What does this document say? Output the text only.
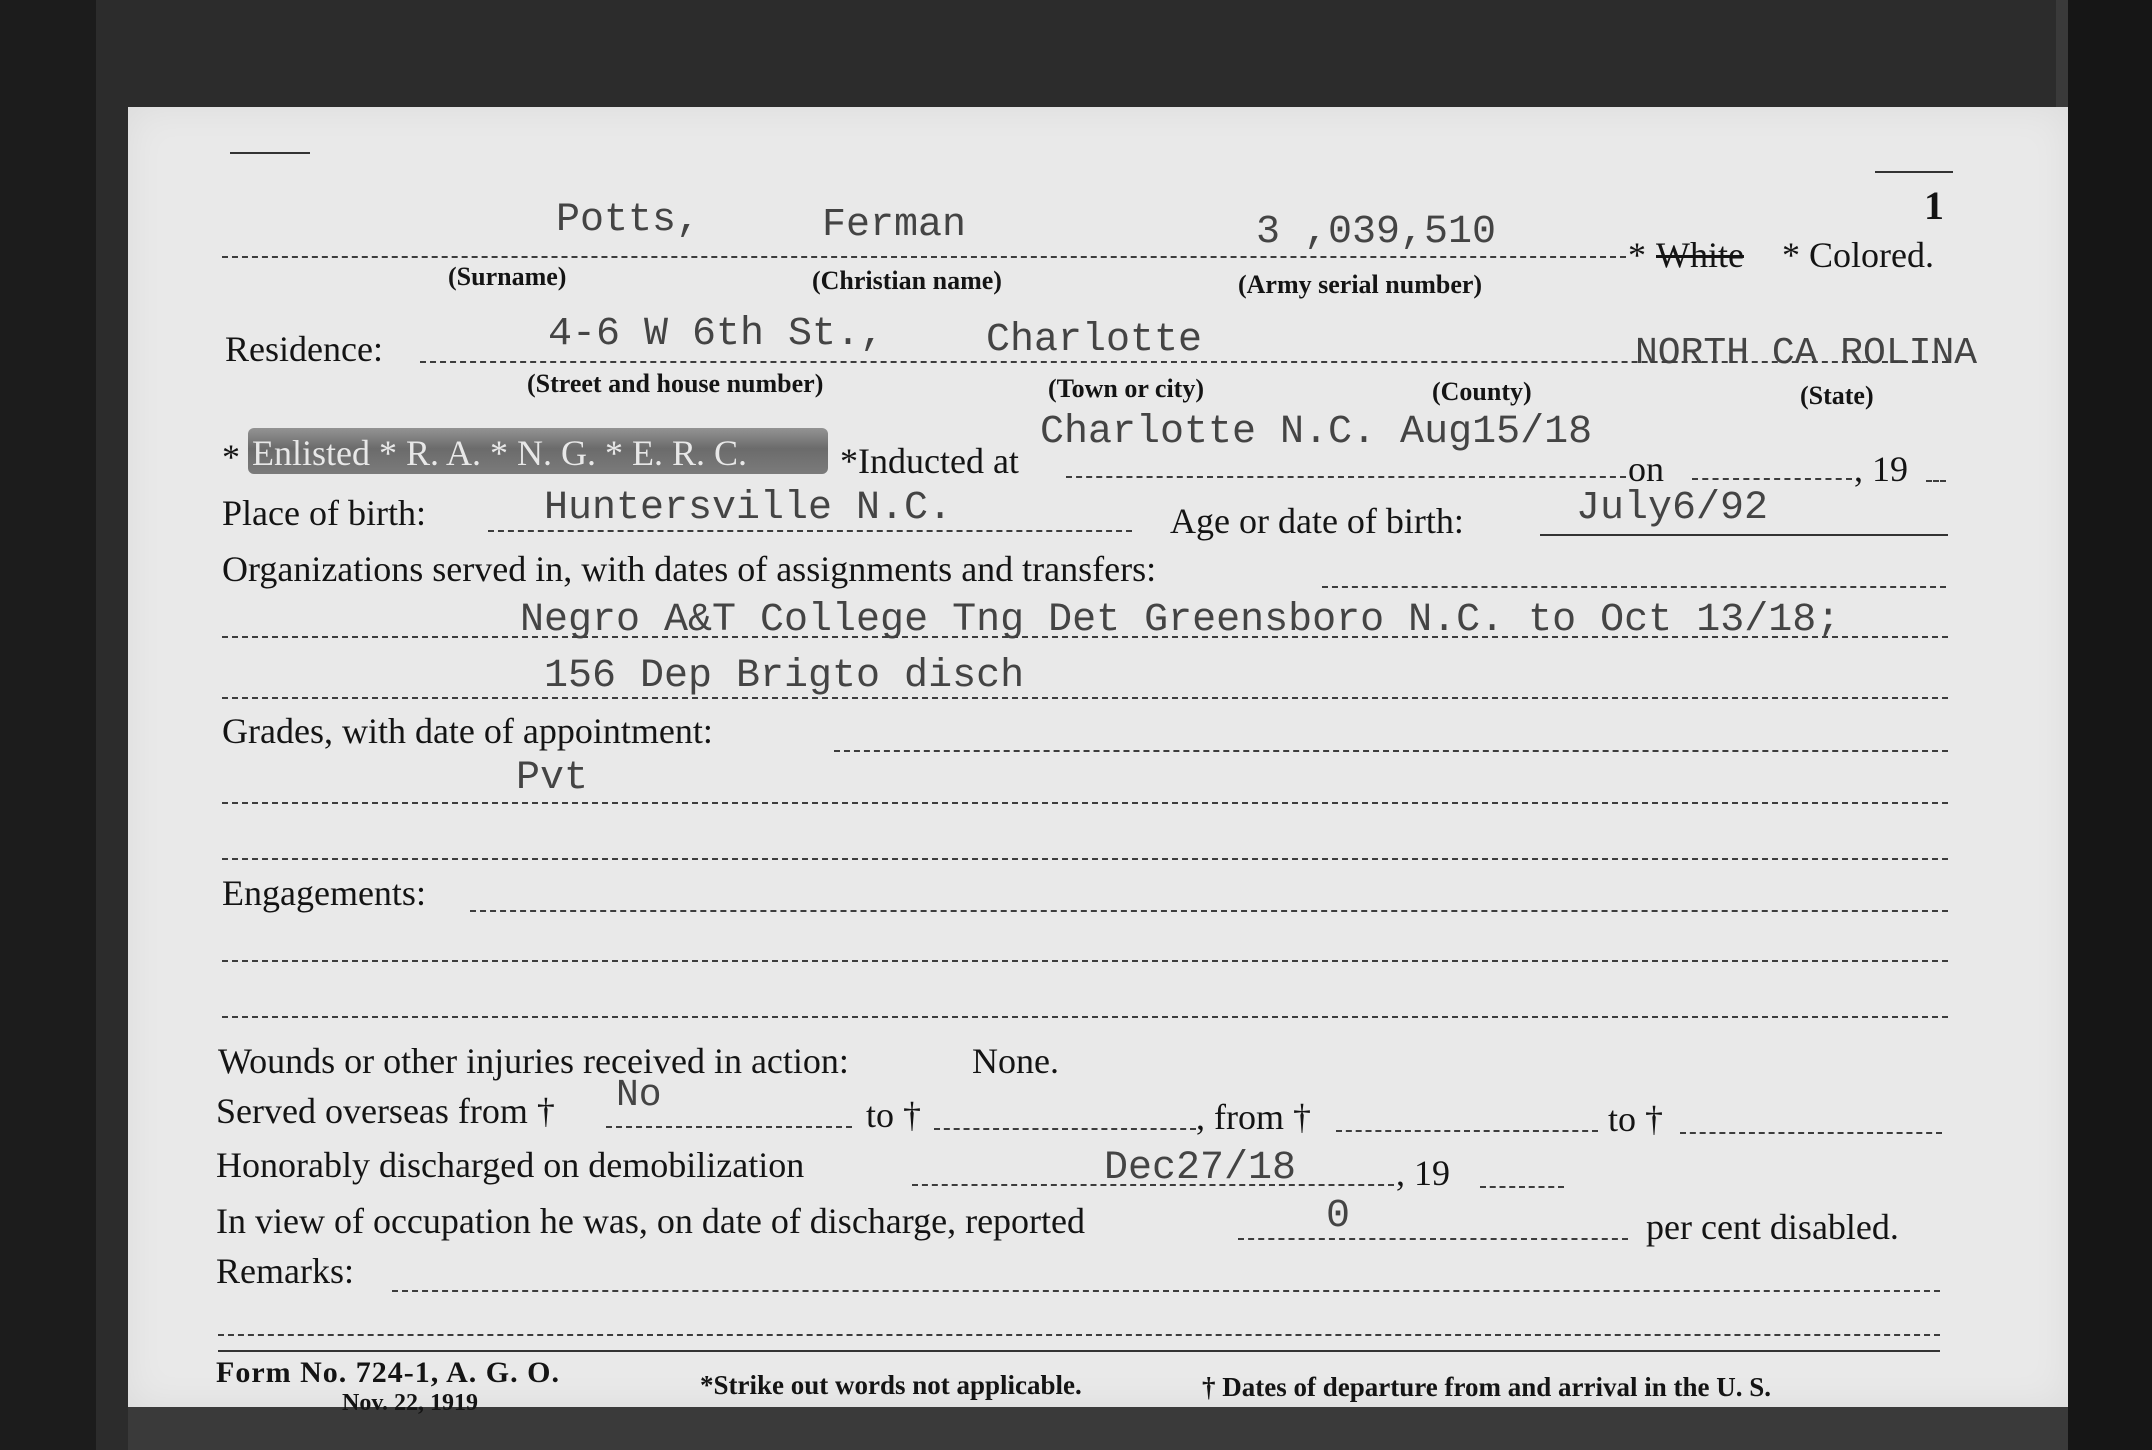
1
Potts,	Ferman	3 ,039,510	* White * Colored.
(Surname)	(Christian name)	(Army serial number)
Residence:	4-6 W 6th St.,	Charlotte	NORTH CA ROLINA
(Street and house number)	(Town or city)	(County)	(State)
* Enlisted * R. A. * N. G. * E. R. C.	*Inducted at
Charlotte N.C. Aug15/18
on	, 19
Place of birth:	Huntersville N.C.	Age or date of birth:	July6/92
Organizations served in, with dates of assignments and transfers:
Negro A&T College Tng Det Greensboro N.C. to Oct 13/18;
156 Dep Brigto disch
Grades, with date of appointment:
Pvt
Engagements:
Wounds or other injuries received in action:	None.
Served overseas from † No	to †	, from †	to †
Honorably discharged on demobilization	Dec27/18	, 19
In view of occupation he was, on date of discharge, reported	0	per cent disabled.
Remarks:
Form No. 724-1, A. G. O.
Nov. 22, 1919
*Strike out words not applicable.	† Dates of departure from and arrival in the U. S.
